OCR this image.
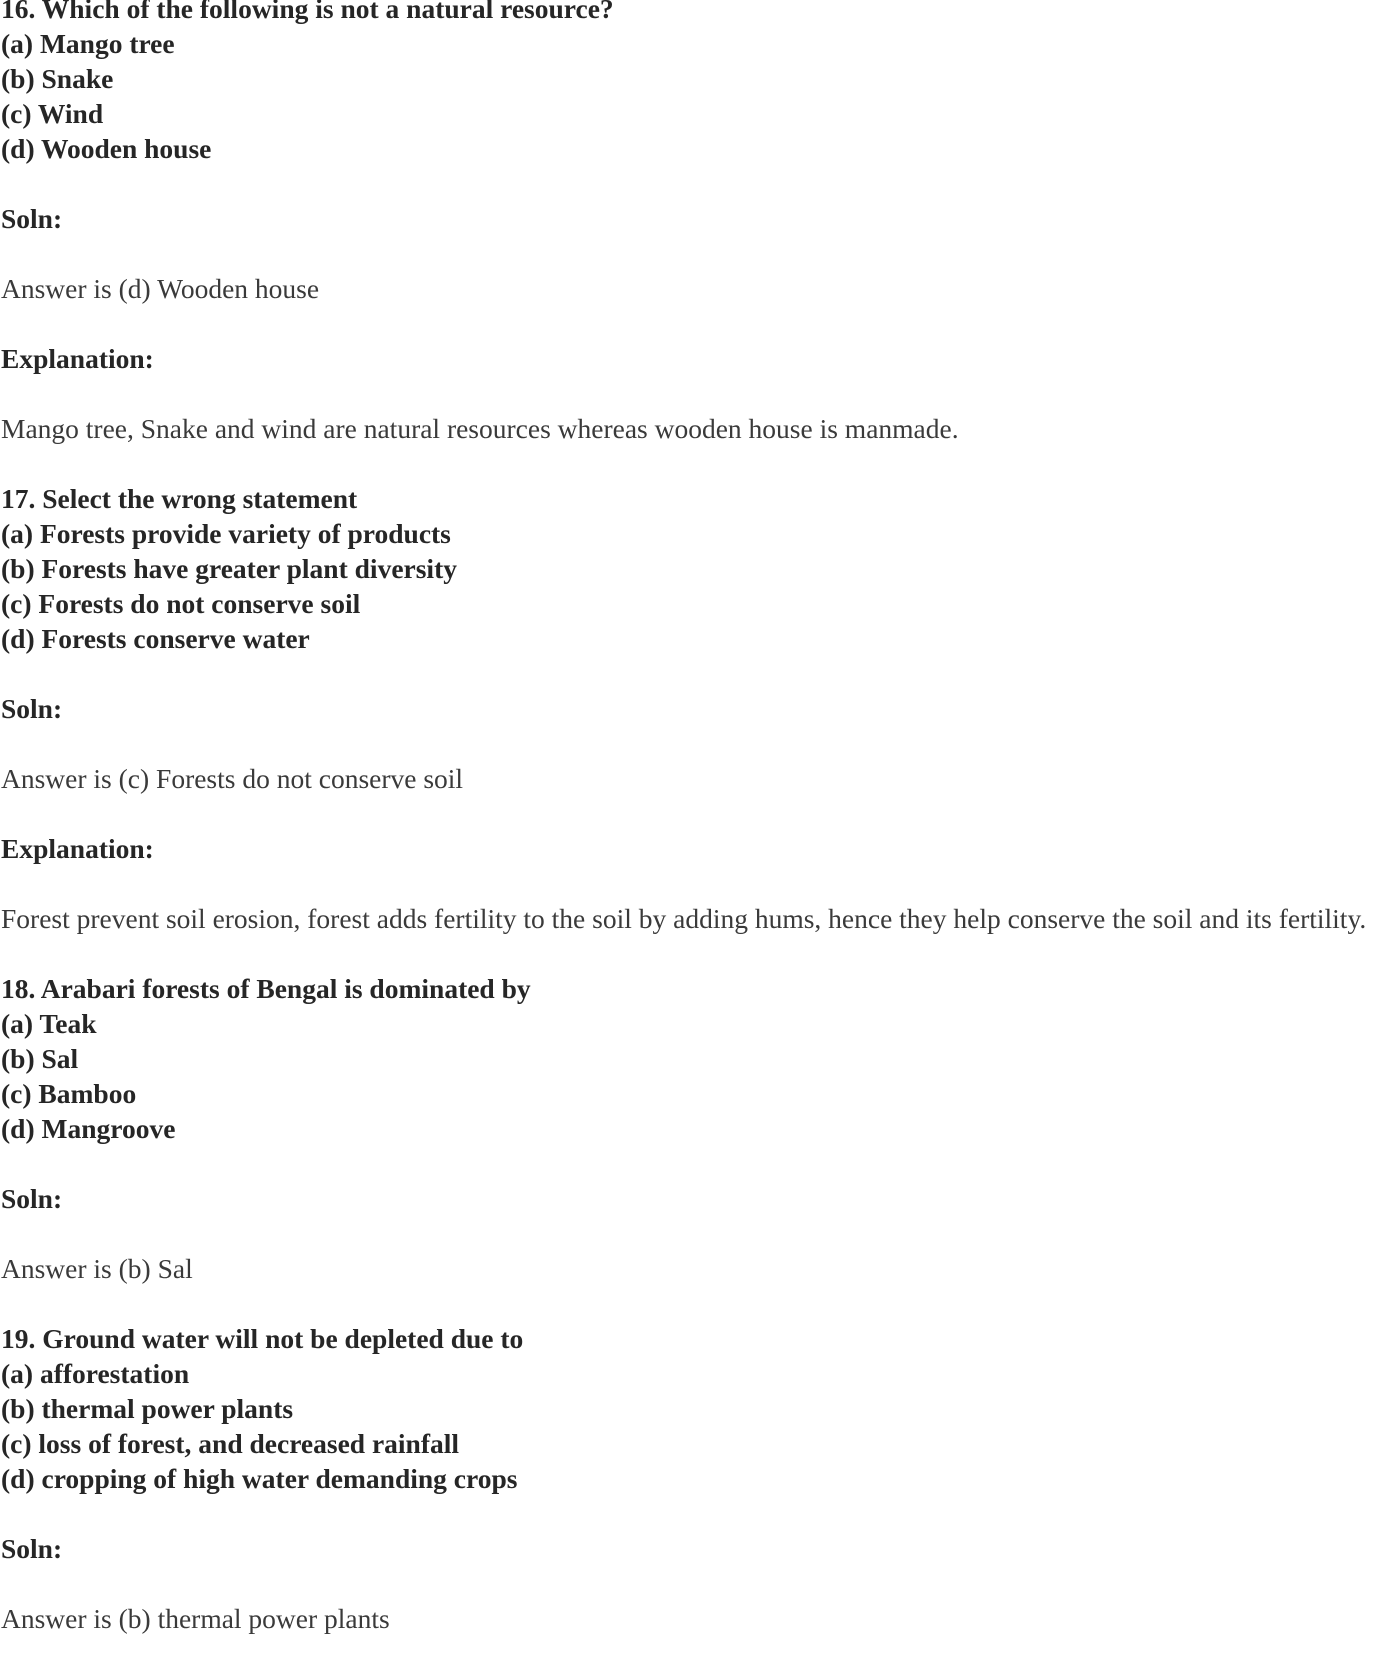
16. Which of the following is not a natural resource?
(a) Mango tree
(b) Snake
(c) Wind
(d) Wooden house
Soln:
Answer is (d) Wooden house
Explanation:
Mango tree, Snake and wind are natural resources whereas wooden house is manmade.
17. Select the wrong statement
(a) Forests provide variety of products
(b) Forests have greater plant diversity
(c) Forests do not conserve soil
(d) Forests conserve water
Soln:
Answer is (c) Forests do not conserve soil
Explanation:
Forest prevent soil erosion, forest adds fertility to the soil by adding hums, hence they help conserve the soil and its fertility.
18. Arabari forests of Bengal is dominated by
(a) Teak
(b) Sal
(c) Bamboo
(d) Mangroove
Soln:
Answer is (b) Sal
19. Ground water will not be depleted due to
(a) afforestation
(b) thermal power plants
(c) loss of forest, and decreased rainfall
(d) cropping of high water demanding crops
Soln:
Answer is (b) thermal power plants
